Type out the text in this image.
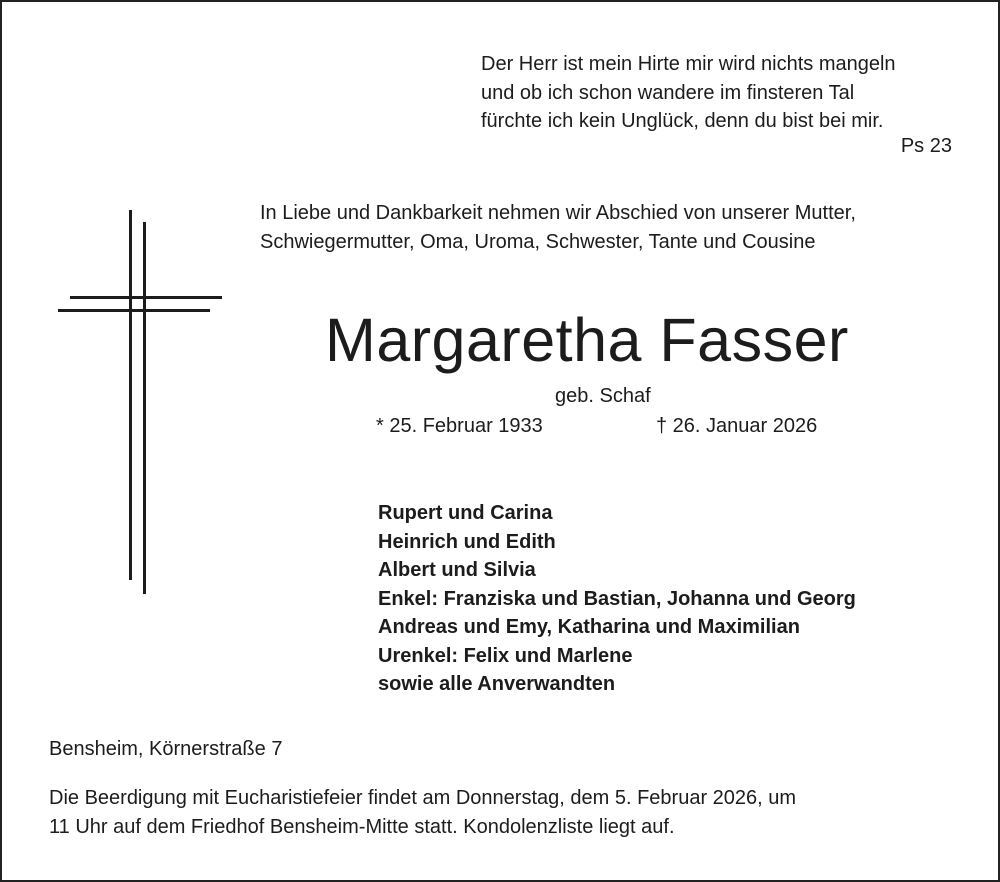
Der Herr ist mein Hirte mir wird nichts mangeln
und ob ich schon wandere im finsteren Tal
fürchte ich kein Unglück, denn du bist bei mir.
Ps 23
In Liebe und Dankbarkeit nehmen wir Abschied von unserer Mutter,
Schwiegermutter, Oma, Uroma, Schwester, Tante und Cousine
Margaretha Fasser
geb. Schaf
* 25. Februar 1933	† 26. Januar 2026
Rupert und Carina
Heinrich und Edith
Albert und Silvia
Enkel: Franziska und Bastian, Johanna und Georg
Andreas und Emy, Katharina und Maximilian
Urenkel: Felix und Marlene
sowie alle Anverwandten
Bensheim, Körnerstraße 7
Die Beerdigung mit Eucharistiefeier findet am Donnerstag, dem 5. Februar 2026, um
11 Uhr auf dem Friedhof Bensheim-Mitte statt. Kondolenzliste liegt auf.
